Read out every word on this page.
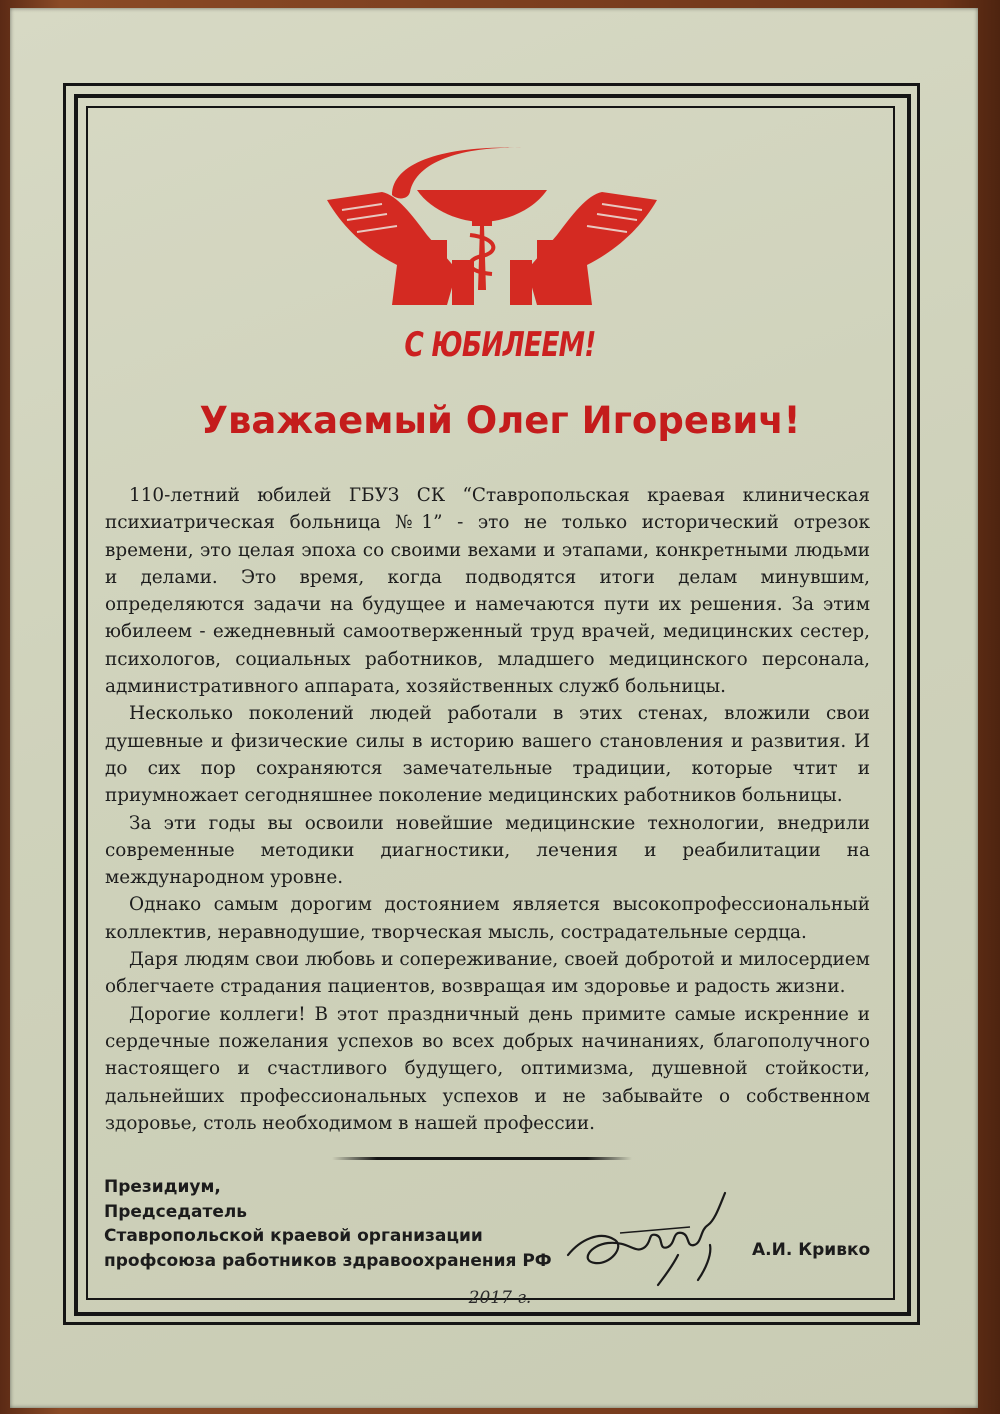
С ЮБИЛЕЕМ!
Уважаемый Олег Игоревич!

110-летний юбилей ГБУЗ СК “Ставропольская краевая клиническая психиатрическая больница №1” - это не только исторический отрезок времени, это целая эпоха со своими вехами и этапами, конкретными людьми и делами. Это время, когда подводятся итоги делам минувшим, определяются задачи на будущее и намечаются пути их решения. За этим юбилеем - ежедневный самоотверженный труд врачей, медицинских сестер, психологов, социальных работников, младшего медицинского персонала, административного аппарата, хозяйственных служб больницы.

Несколько поколений людей работали в этих стенах, вложили свои душевные и физические силы в историю вашего становления и развития. И до сих пор сохраняются замечательные традиции, которые чтит и приумножает сегодняшнее поколение медицинских работников больницы.

За эти годы вы освоили новейшие медицинские технологии, внедрили современные методики диагностики, лечения и реабилитации на международном уровне.

Однако самым дорогим достоянием является высокопрофессиональный коллектив, неравнодушие, творческая мысль, сострадательные сердца.

Даря людям свои любовь и сопереживание, своей добротой и милосердием облегчаете страдания пациентов, возвращая им здоровье и радость жизни.

Дорогие коллеги! В этот праздничный день примите самые искренние и сердечные пожелания успехов во всех добрых начинаниях, благополучного настоящего и счастливого будущего, оптимизма, душевной стойкости, дальнейших профессиональных успехов и не забывайте о собственном здоровье, столь необходимом в нашей профессии.

Президиум,
Председатель
Ставропольской краевой организации
профсоюза работников здравоохранения РФ
А.И. Кривко
2017 г.
